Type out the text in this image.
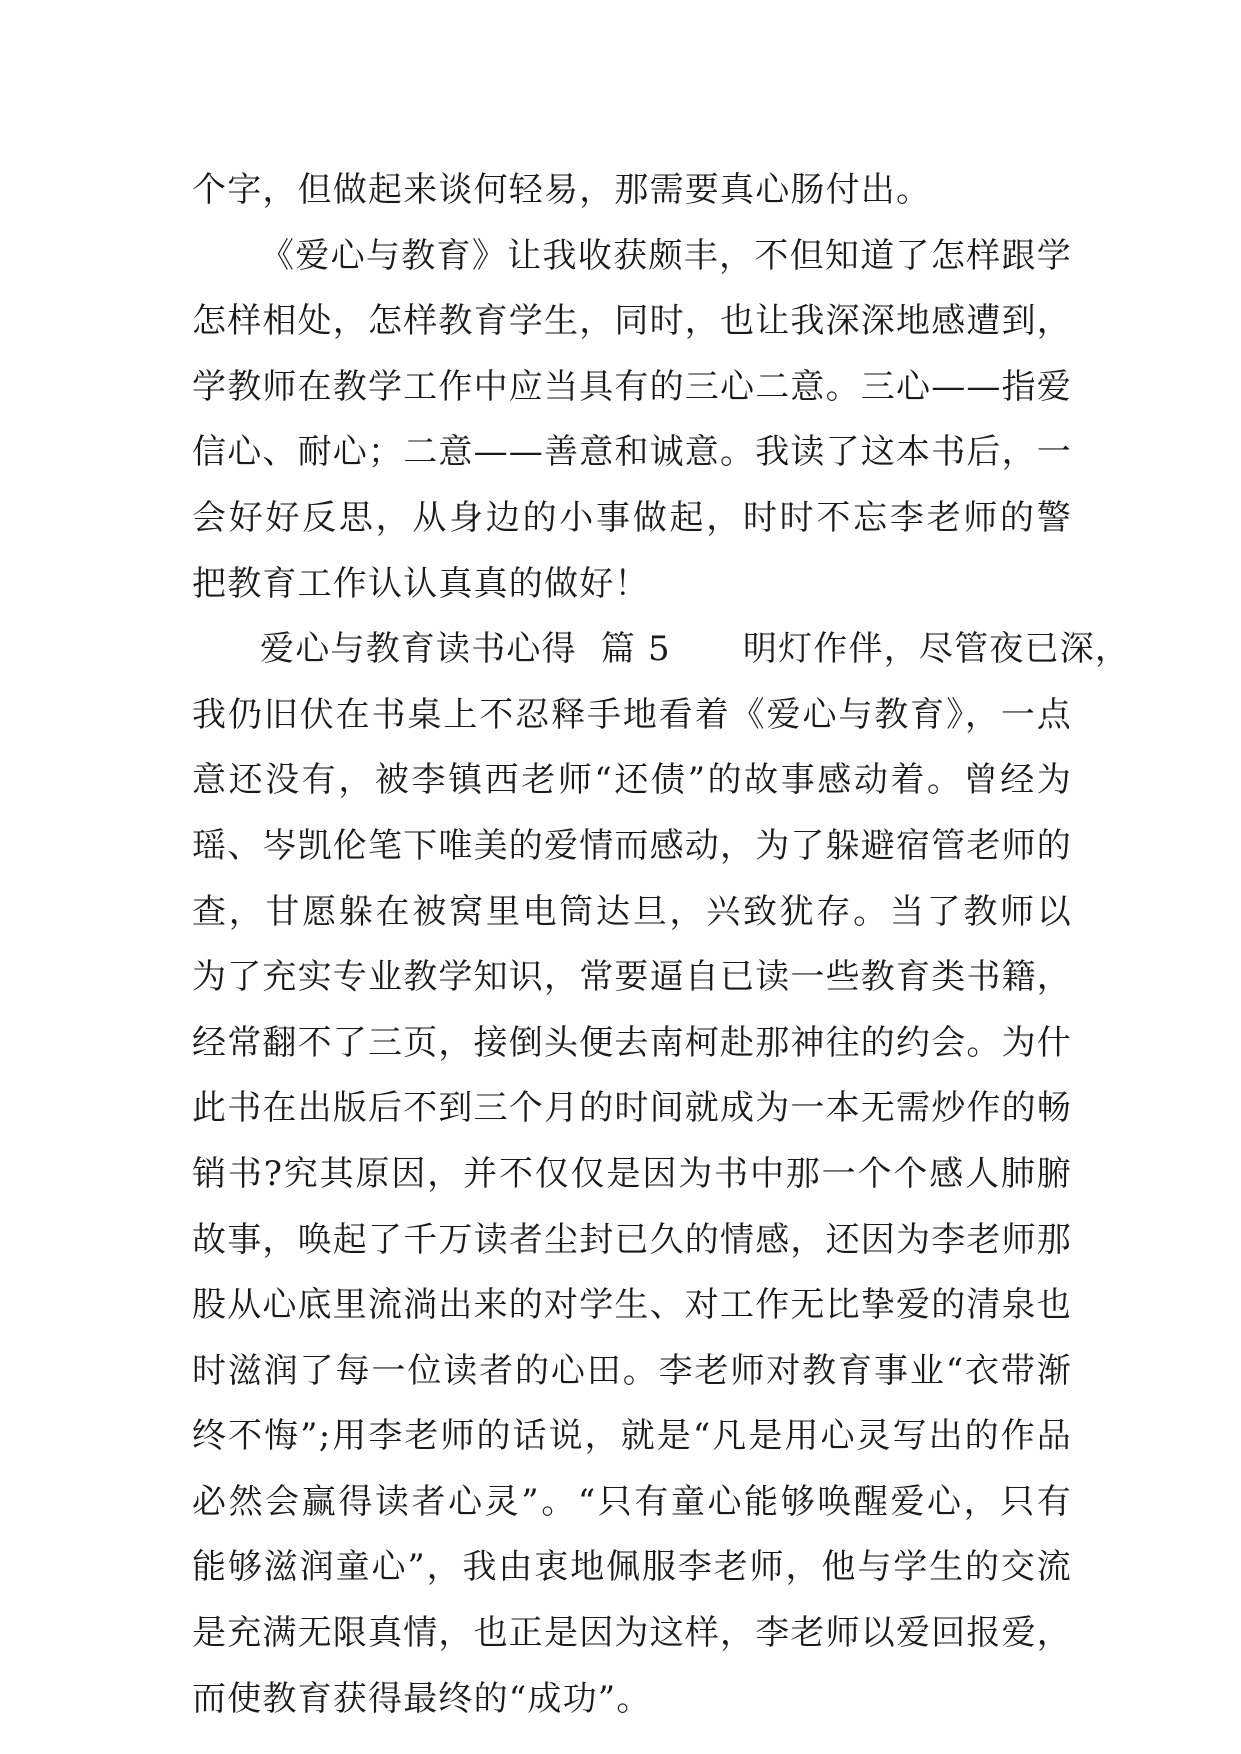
个字，但做起来谈何轻易，那需要真心肠付出。
《爱心与教育》让我收获颇丰，不但知道了怎样跟学
怎样相处，怎样教育学生，同时，也让我深深地感遭到，
学教师在教学工作中应当具有的三心二意。三心——指爱
信心、耐心；二意——善意和诚意。我读了这本书后，一
会好好反思，从身边的小事做起，时时不忘李老师的警
把教育工作认认真真的做好！
爱心与教育读书心得  篇 5      明灯作伴，尽管夜已深，
我仍旧伏在书桌上不忍释手地看着《爱心与教育》，一点
意还没有，被李镇西老师“还债”的故事感动着。曾经为
瑶、岑凯伦笔下唯美的爱情而感动，为了躲避宿管老师的
查，甘愿躲在被窝里电筒达旦，兴致犹存。当了教师以
为了充实专业教学知识，常要逼自已读一些教育类书籍，
经常翻不了三页，接倒头便去南柯赴那神往的约会。为什
此书在出版后不到三个月的时间就成为一本无需炒作的畅
销书?究其原因，并不仅仅是因为书中那一个个感人肺腑
故事，唤起了千万读者尘封已久的情感，还因为李老师那
股从心底里流淌出来的对学生、对工作无比挚爱的清泉也
时滋润了每一位读者的心田。李老师对教育事业“衣带渐
终不悔”;用李老师的话说，就是“凡是用心灵写出的作品
必然会赢得读者心灵”。“只有童心能够唤醒爱心，只有
能够滋润童心”，我由衷地佩服李老师，他与学生的交流
是充满无限真情，也正是因为这样，李老师以爱回报爱，
而使教育获得最终的“成功”。
